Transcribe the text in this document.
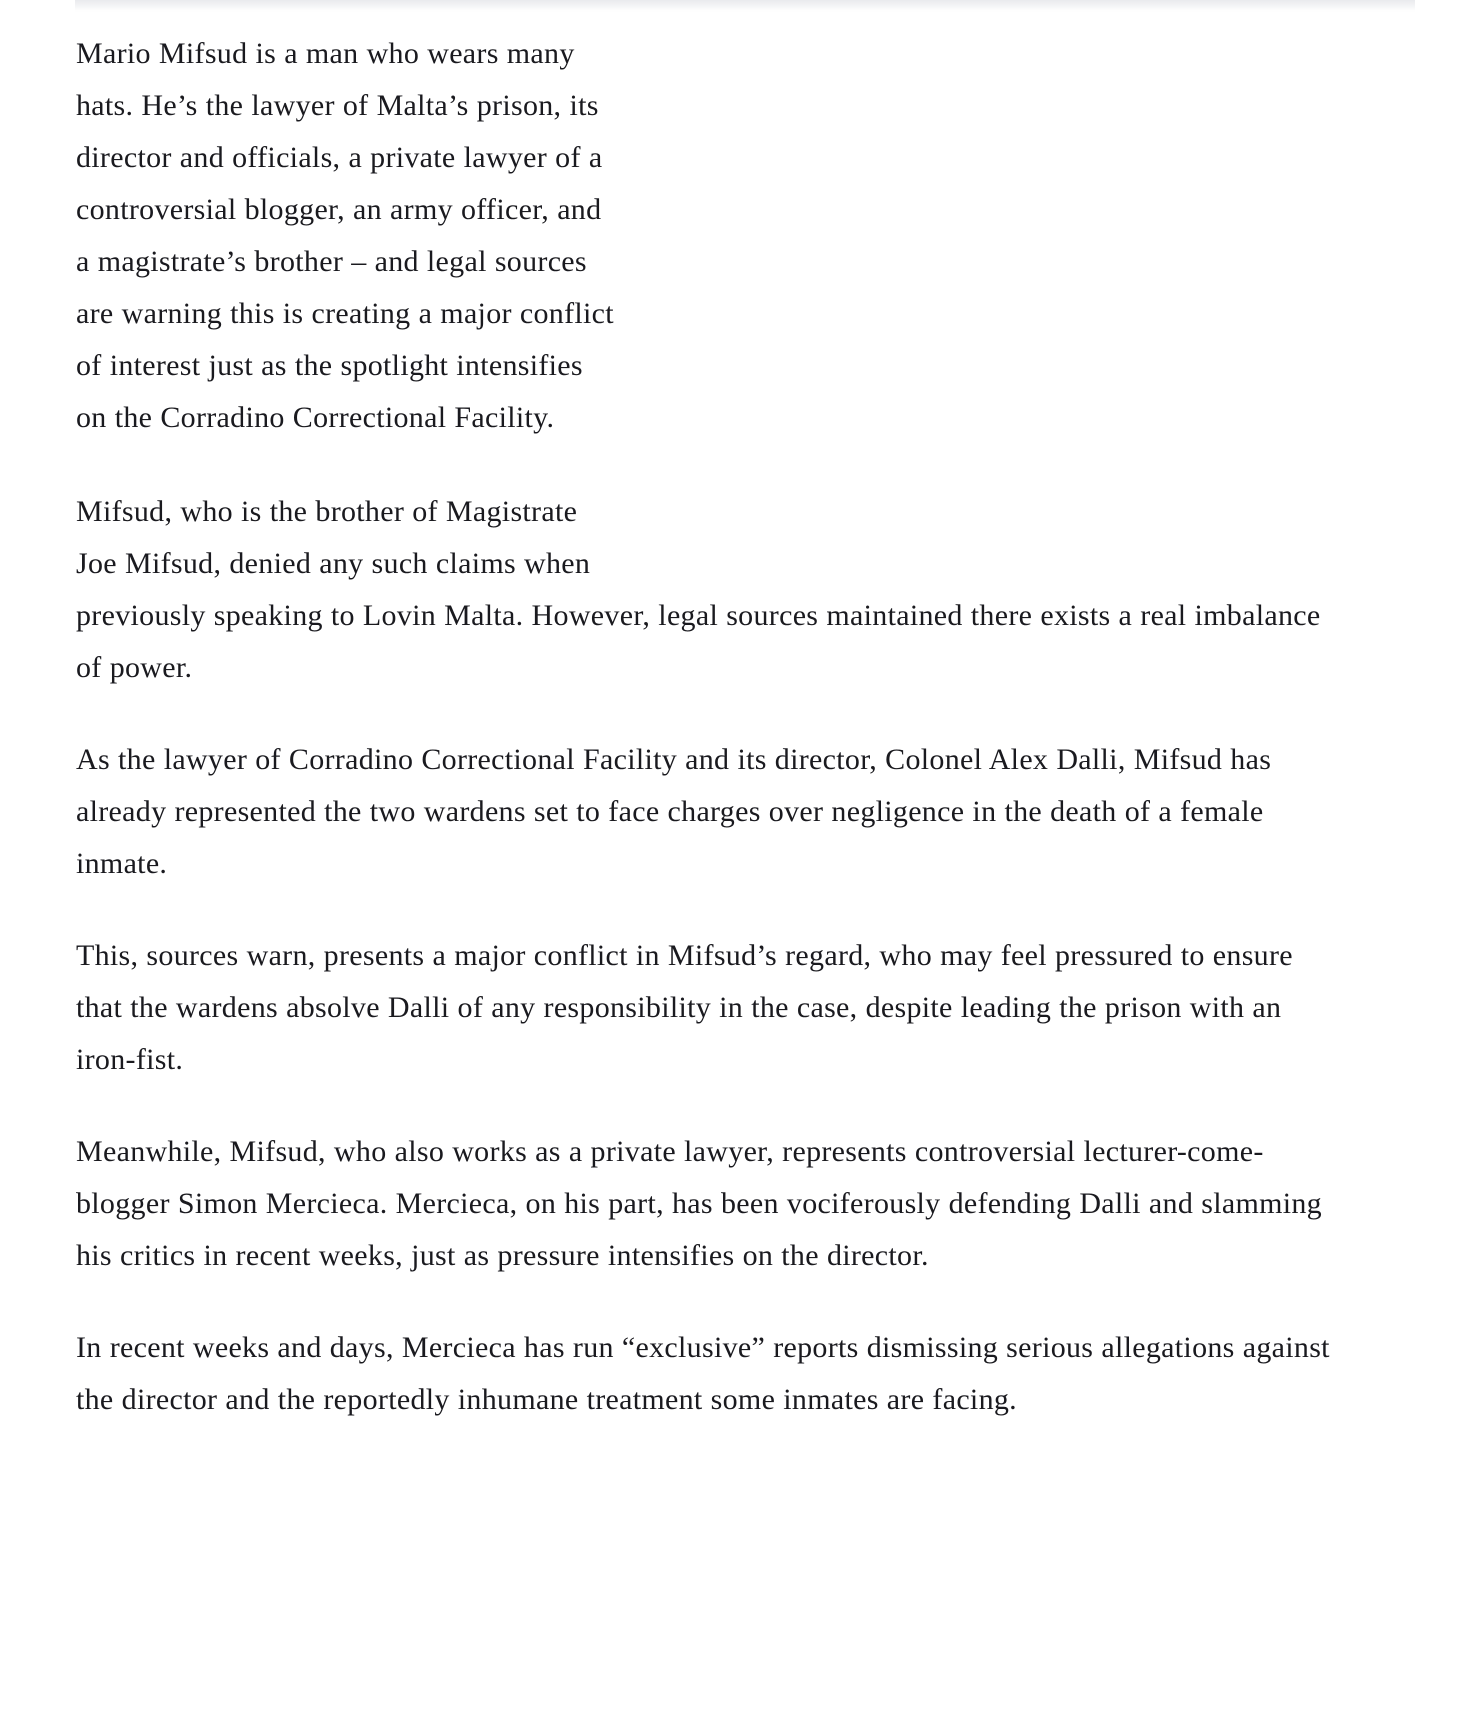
Mario Mifsud is a man who wears many hats. He’s the lawyer of Malta’s prison, its director and officials, a private lawyer of a controversial blogger, an army officer, and a magistrate’s brother – and legal sources are warning this is creating a major conflict of interest just as the spotlight intensifies on the Corradino Correctional Facility.

Mifsud, who is the brother of Magistrate Joe Mifsud, denied any such claims when previously speaking to Lovin Malta. However, legal sources maintained there exists a real imbalance of power.

As the lawyer of Corradino Correctional Facility and its director, Colonel Alex Dalli, Mifsud has already represented the two wardens set to face charges over negligence in the death of a female inmate.

This, sources warn, presents a major conflict in Mifsud’s regard, who may feel pressured to ensure that the wardens absolve Dalli of any responsibility in the case, despite leading the prison with an iron-fist.

Meanwhile, Mifsud, who also works as a private lawyer, represents controversial lecturer-come-blogger Simon Mercieca. Mercieca, on his part, has been vociferously defending Dalli and slamming his critics in recent weeks, just as pressure intensifies on the director.

In recent weeks and days, Mercieca has run “exclusive” reports dismissing serious allegations against the director and the reportedly inhumane treatment some inmates are facing.
